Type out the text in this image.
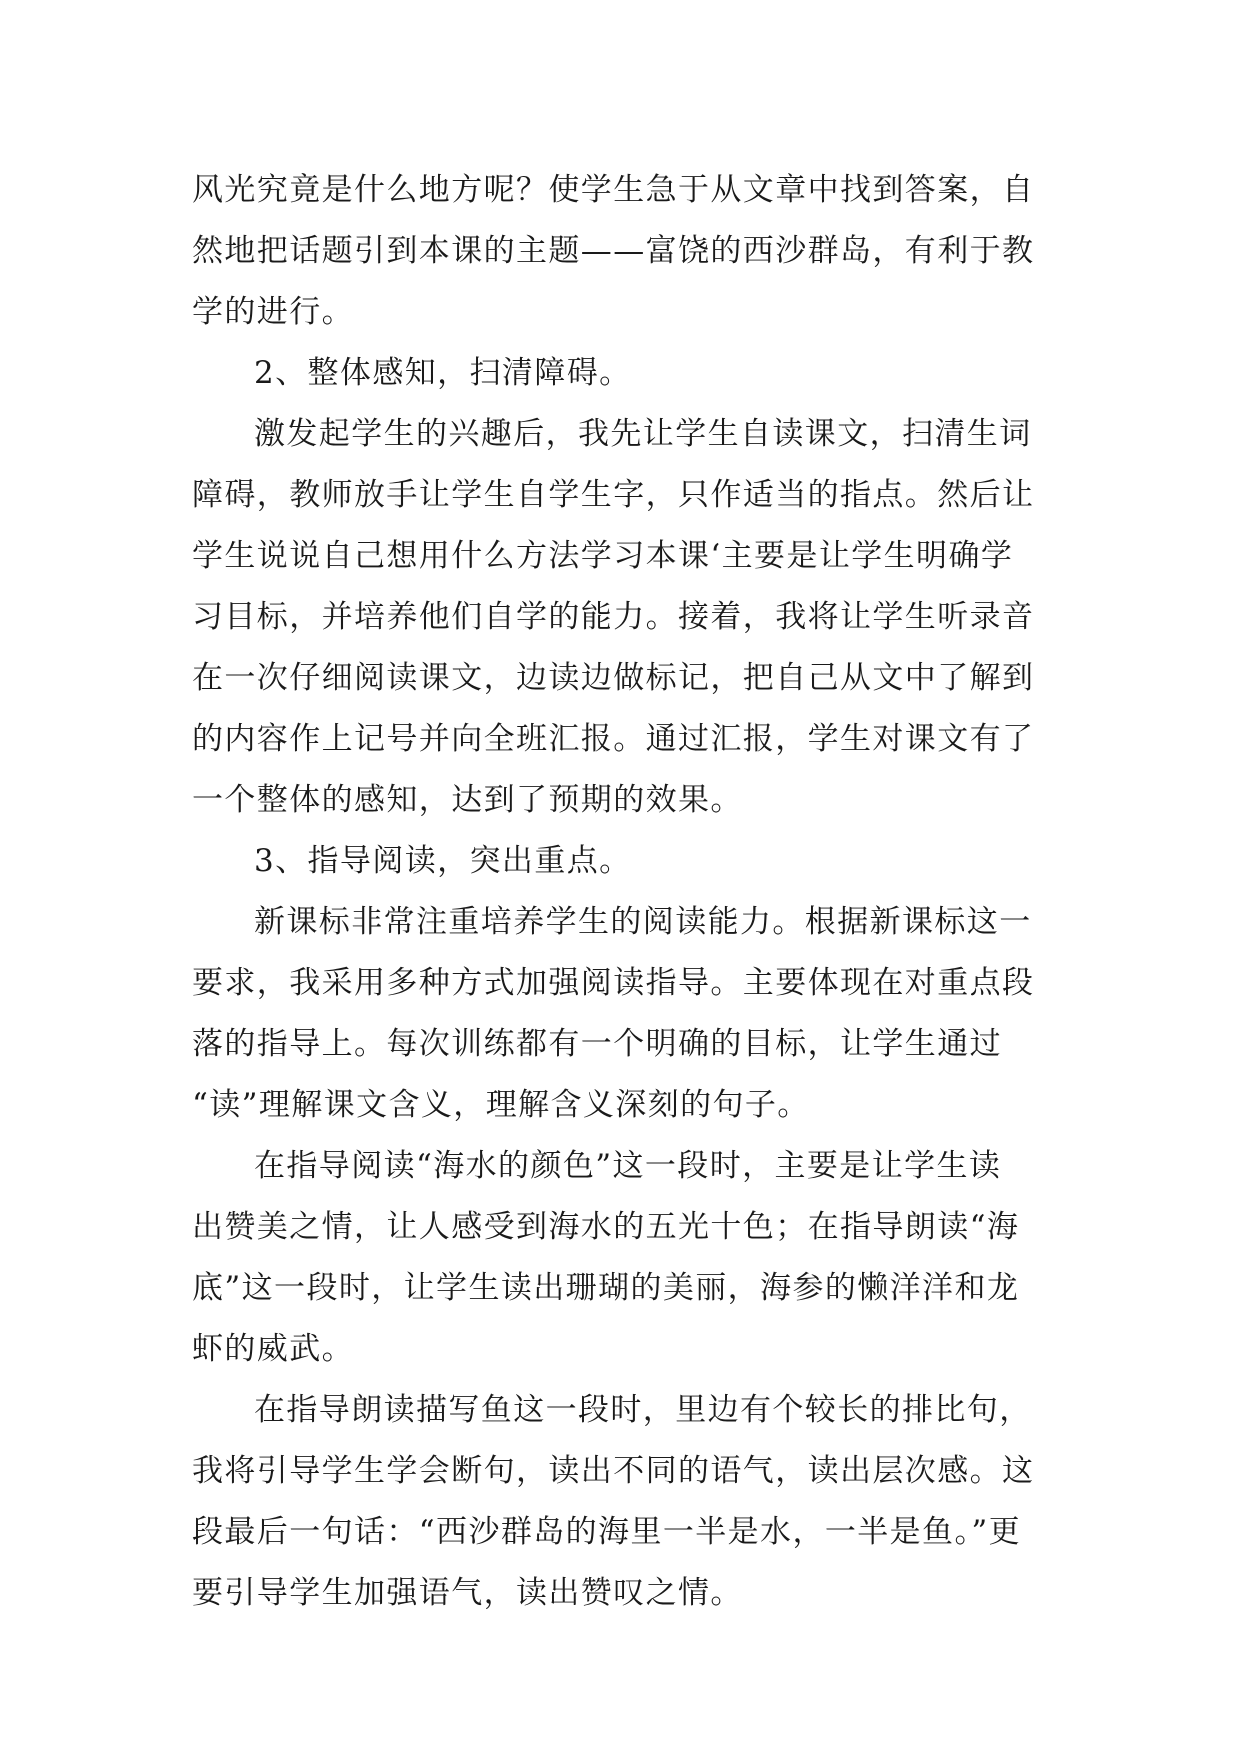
风光究竟是什么地方呢？使学生急于从文章中找到答案，自
然地把话题引到本课的主题——富饶的西沙群岛，有利于教
学的进行。
2、整体感知，扫清障碍。
激发起学生的兴趣后，我先让学生自读课文，扫清生词
障碍，教师放手让学生自学生字，只作适当的指点。然后让
学生说说自己想用什么方法学习本课‘主要是让学生明确学
习目标，并培养他们自学的能力。接着，我将让学生听录音
在一次仔细阅读课文，边读边做标记，把自己从文中了解到
的内容作上记号并向全班汇报。通过汇报，学生对课文有了
一个整体的感知，达到了预期的效果。
3、指导阅读，突出重点。
新课标非常注重培养学生的阅读能力。根据新课标这一
要求，我采用多种方式加强阅读指导。主要体现在对重点段
落的指导上。每次训练都有一个明确的目标，让学生通过
“读”理解课文含义，理解含义深刻的句子。
在指导阅读“海水的颜色”这一段时，主要是让学生读
出赞美之情，让人感受到海水的五光十色；在指导朗读“海
底”这一段时，让学生读出珊瑚的美丽，海参的懒洋洋和龙
虾的威武。
在指导朗读描写鱼这一段时，里边有个较长的排比句，
我将引导学生学会断句，读出不同的语气，读出层次感。这
段最后一句话：“西沙群岛的海里一半是水，一半是鱼。”更
要引导学生加强语气，读出赞叹之情。
